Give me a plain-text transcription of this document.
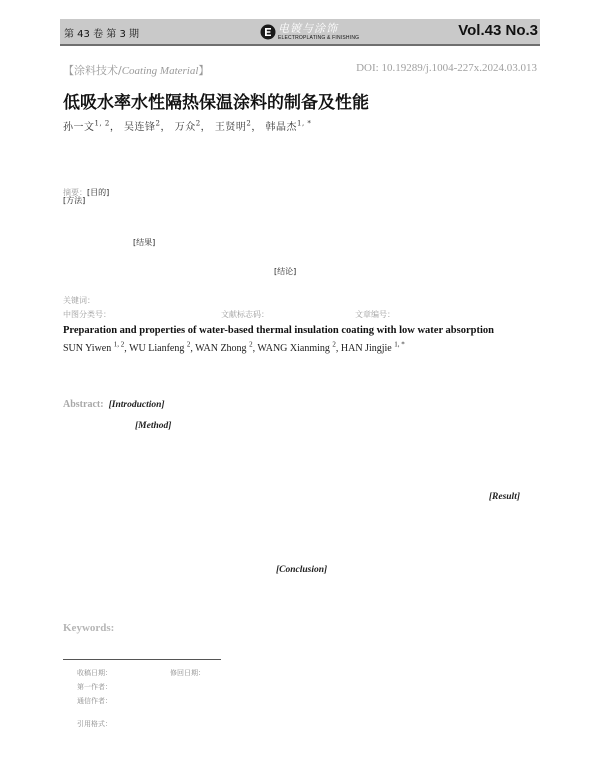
第 43 卷 第 3 期	电镀与涂饰
ELECTROPLATING & FINISHING	Vol.43 No.3
【涂料技术/Coating Material】	DOI: 10.19289/j.1004-227x.2024.03.013
低吸水率水性隔热保温涂料的制备及性能
孙一文$^{1, 2}$， 吴连锋$^2$， 万众$^2$， 王贤明$^2$， 韩晶杰$^{1, *}$
摘要：[目的]
[方法]
[结果]
[结论]
关键词：
中图分类号：	文献标志码：	文章编号：
Preparation and properties of water-based thermal insulation coating with low water absorption
SUN Yiwen $^{1, 2}$, WU Lianfeng $^2$, WAN Zhong $^2$, WANG Xianming $^2$, HAN Jingjie $^{1, *}$
Abstract: [Introduction]
[Method]
[Result]
[Conclusion]
Keywords:
收稿日期：	修回日期：
第一作者：
通信作者：
引用格式：
